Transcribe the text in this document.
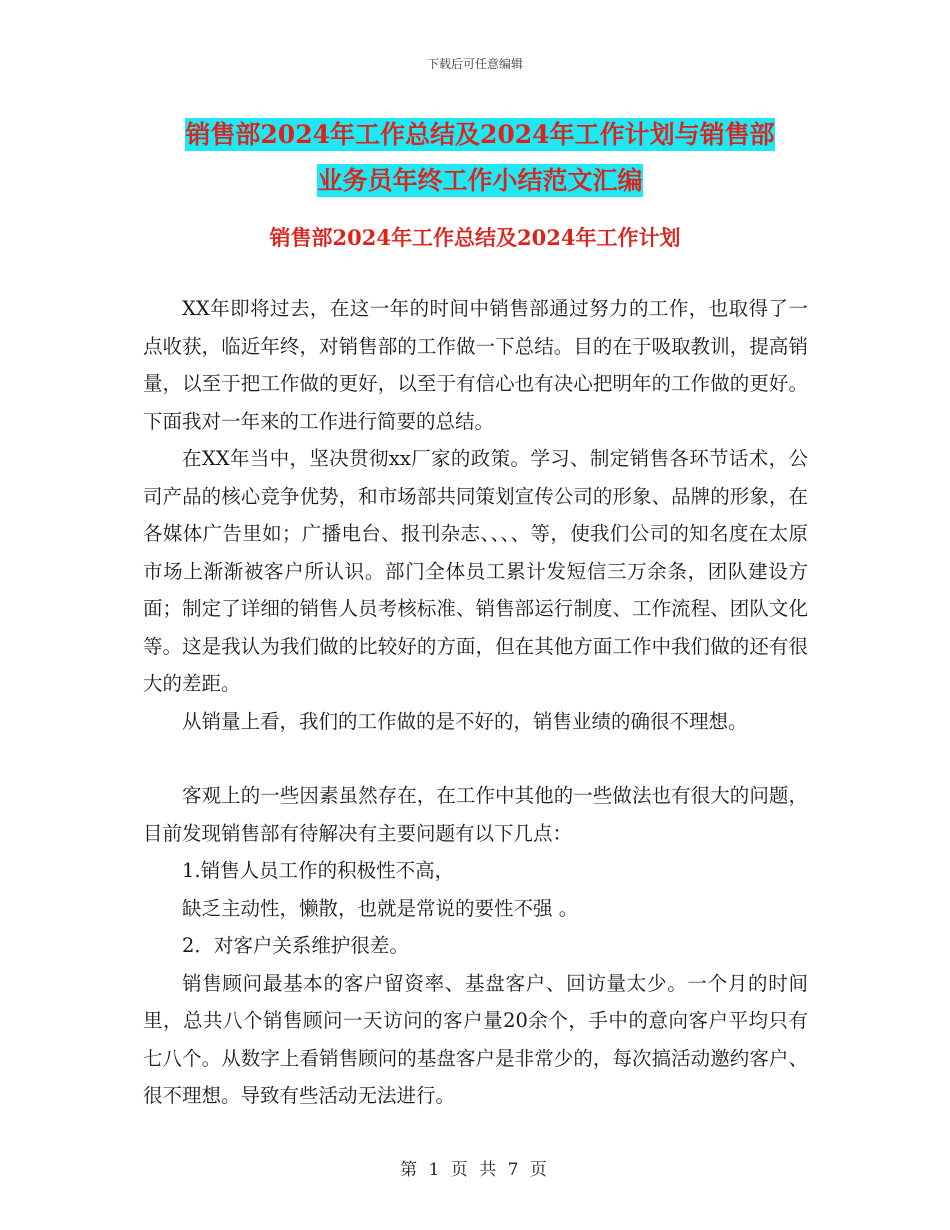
下载后可任意编辑
销售部2024年工作总结及2024年工作计划与销售部
业务员年终工作小结范文汇编
销售部2024年工作总结及2024年工作计划

XX年即将过去，在这一年的时间中销售部通过努力的工作，也取得了一点收获，临近年终，对销售部的工作做一下总结。目的在于吸取教训，提高销量，以至于把工作做的更好，以至于有信心也有决心把明年的工作做的更好。下面我对一年来的工作进行简要的总结。

在XX年当中，坚决贯彻xx厂家的政策。学习、制定销售各环节话术，公司产品的核心竞争优势，和市场部共同策划宣传公司的形象、品牌的形象，在各媒体广告里如；广播电台、报刊杂志、、、、等，使我们公司的知名度在太原市场上渐渐被客户所认识。部门全体员工累计发短信三万余条，团队建设方面；制定了详细的销售人员考核标准、销售部运行制度、工作流程、团队文化等。这是我认为我们做的比较好的方面，但在其他方面工作中我们做的还有很大的差距。

从销量上看，我们的工作做的是不好的，销售业绩的确很不理想。

客观上的一些因素虽然存在，在工作中其他的一些做法也有很大的问题，目前发现销售部有待解决有主要问题有以下几点：

1.销售人员工作的积极性不高，

缺乏主动性，懒散，也就是常说的要性不强 。

2．对客户关系维护很差。

销售顾问最基本的客户留资率、基盘客户、回访量太少。一个月的时间里，总共八个销售顾问一天访问的客户量20余个，手中的意向客户平均只有七八个。从数字上看销售顾问的基盘客户是非常少的，每次搞活动邀约客户、很不理想。导致有些活动无法进行。

第 1 页 共 7 页
